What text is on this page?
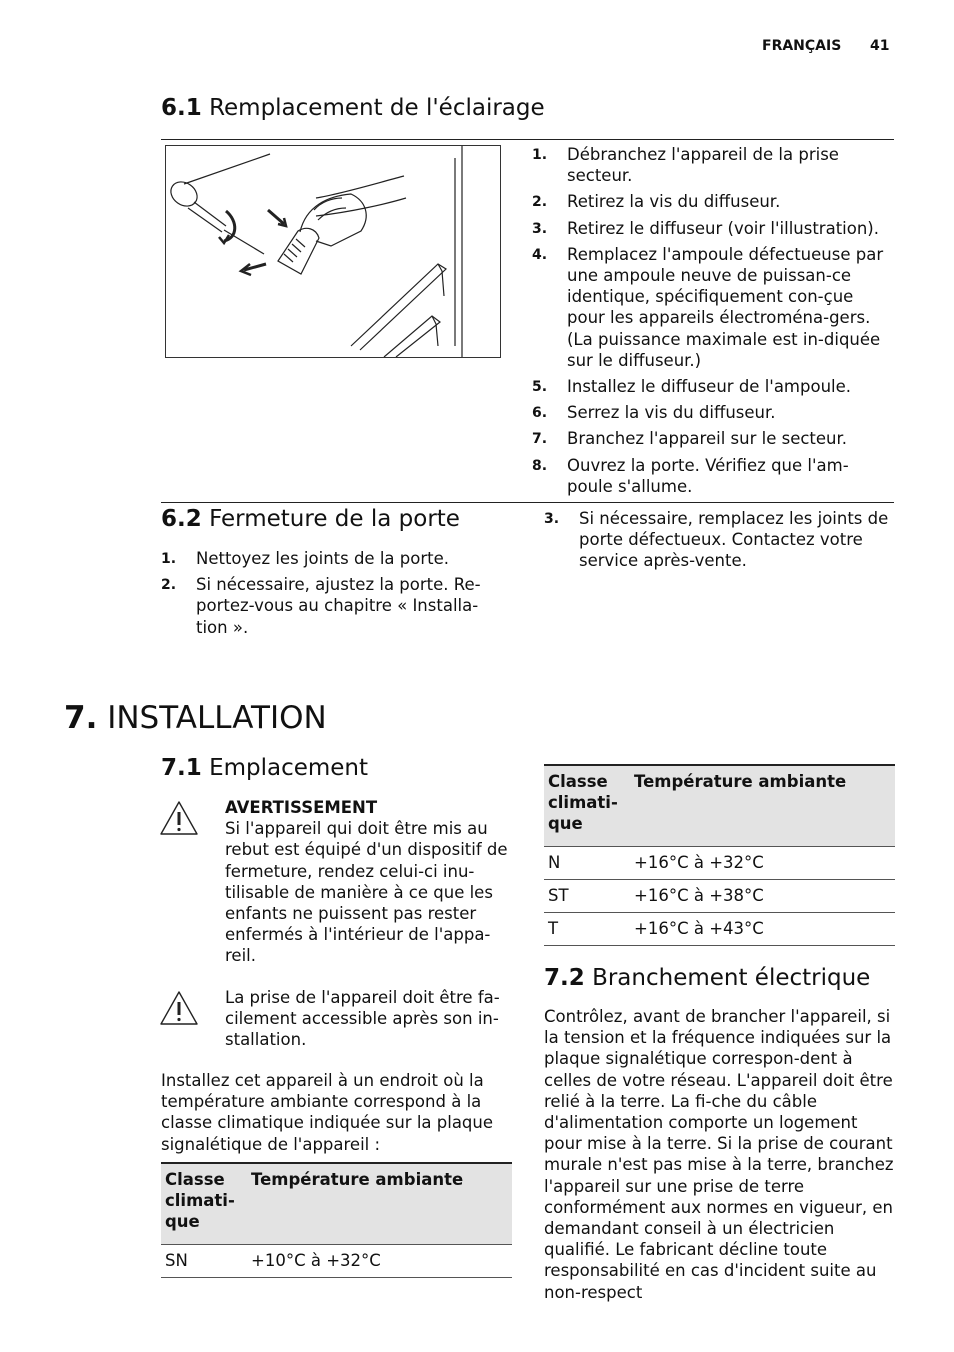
FRANÇAIS 41
6.1 Remplacement de l'éclairage
1. Débranchez l'appareil de la prise secteur.
2. Retirez la vis du diffuseur.
3. Retirez le diffuseur (voir l'illustration).
4. Remplacez l'ampoule défectueuse par une ampoule neuve de puissan-ce identique, spécifiquement con-çue pour les appareils électroména-gers. (La puissance maximale est in-diquée sur le diffuseur.)
5. Installez le diffuseur de l'ampoule.
6. Serrez la vis du diffuseur.
7. Branchez l'appareil sur le secteur.
8. Ouvrez la porte. Vérifiez que l'am-poule s'allume.
6.2 Fermeture de la porte
1. Nettoyez les joints de la porte.
2. Si nécessaire, ajustez la porte. Re-portez-vous au chapitre « Installa-tion ».
3. Si nécessaire, remplacez les joints de porte défectueux. Contactez votre service après-vente.
7. INSTALLATION
7.1 Emplacement
AVERTISSEMENT
Si l'appareil qui doit être mis au rebut est équipé d'un dispositif de fermeture, rendez celui-ci inu-tilisable de manière à ce que les enfants ne puissent pas rester enfermés à l'intérieur de l'appa-reil.
La prise de l'appareil doit être fa-cilement accessible après son in-stallation.
Installez cet appareil à un endroit où la température ambiante correspond à la classe climatique indiquée sur la plaque signalétique de l'appareil :
Classe climati-que	Température ambiante
SN	+10°C à +32°C
Classe climati-que	Température ambiante
N	+16°C à +32°C
ST	+16°C à +38°C
T	+16°C à +43°C
7.2 Branchement électrique
Contrôlez, avant de brancher l'appareil, si la tension et la fréquence indiquées sur la plaque signalétique correspon-dent à celles de votre réseau. L'appareil doit être relié à la terre. La fi-che du câble d'alimentation comporte un logement pour mise à la terre. Si la prise de courant murale n'est pas mise à la terre, branchez l'appareil sur une prise de terre conformément aux normes en vigueur, en demandant conseil à un électricien qualifié. Le fabricant décline toute responsabilité en cas d'incident suite au non-respect
